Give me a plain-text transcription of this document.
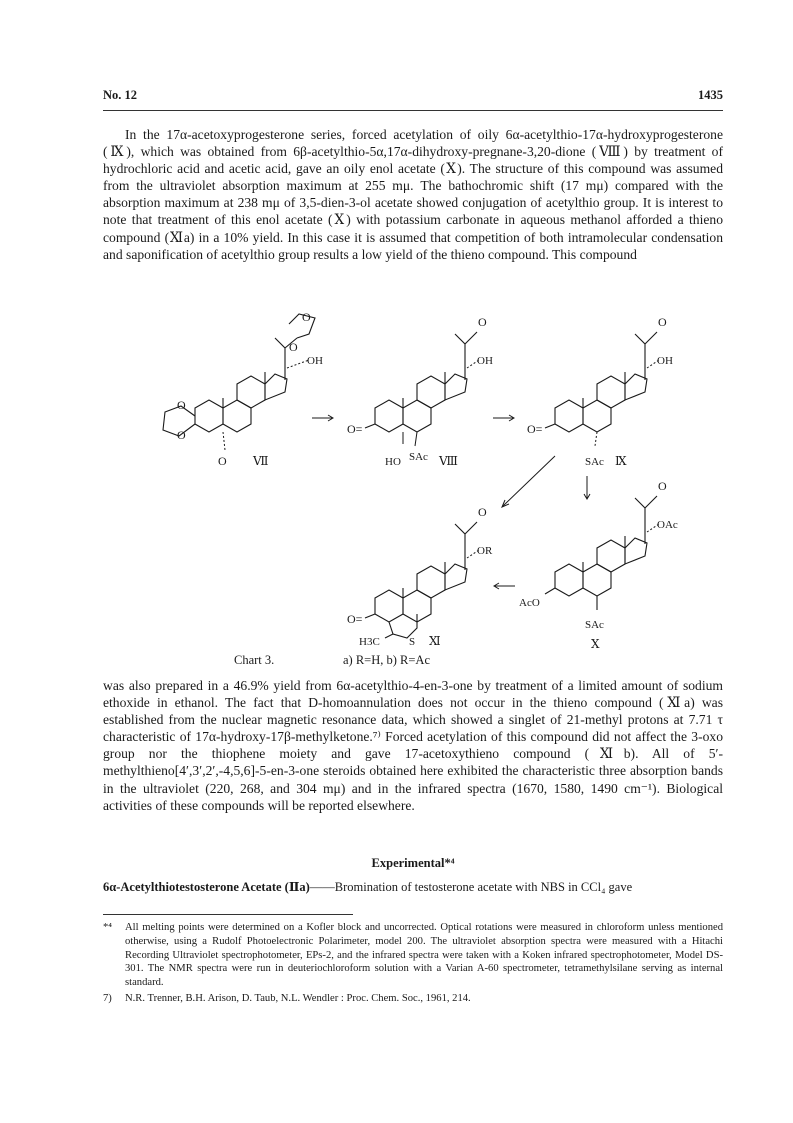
No. 12	1435

In the 17α-acetoxyprogesterone series, forced acetylation of oily 6α-acetylthio-17α-hydroxyprogesterone (Ⅸ), which was obtained from 6β-acetylthio-5α,17α-dihydroxy-pregnane-3,20-dione (Ⅷ) by treatment of hydrochloric acid and acetic acid, gave an oily enol acetate (Ⅹ). The structure of this compound was assumed from the ultraviolet absorption maximum at 255 mμ. The bathochromic shift (17 mμ) compared with the absorption maximum at 238 mμ of 3,5-dien-3-ol acetate showed conjugation of acetylthio group. It is interest to note that treatment of this enol acetate (Ⅹ) with potassium carbonate in aqueous methanol afforded a thieno compound (Ⅺa) in a 10% yield. In this case it is assumed that competition of both intramolecular condensation and saponification of acetylthio group results a low yield of the thieno compound. This compound

O
O
OH
O
O
O Ⅶ
O
OH
O=
HO SAc Ⅷ
O
OH
O=
SAc Ⅸ
O
OR
O=
H3C	S Ⅺ
O
OAc
AcO
SAc
Ⅹ
Chart 3.	a) R=H, b) R=Ac

was also prepared in a 46.9% yield from 6α-acetylthio-4-en-3-one by treatment of a limited amount of sodium ethoxide in ethanol. The fact that D-homoannulation does not occur in the thieno compound (Ⅺa) was established from the nuclear magnetic resonance data, which showed a singlet of 21-methyl protons at 7.71 τ characteristic of 17α-hydroxy-17β-methylketone.⁷⁾ Forced acetylation of this compound did not affect the 3-oxo group nor the thiophene moiety and gave 17-acetoxythieno compound (Ⅺb). All of 5′-methylthieno[4′,3′,2′,-4,5,6]-5-en-3-one steroids obtained here exhibited the characteristic three absorption bands in the ultraviolet (220, 268, and 304 mμ) and in the infrared spectra (1670, 1580, 1490 cm⁻¹). Biological activities of these compounds will be reported elsewhere.

Experimental*⁴
6α-Acetylthiotestosterone Acetate (Ⅱa)——Bromination of testosterone acetate with NBS in CCl₄ gave

*⁴ All melting points were determined on a Kofler block and uncorrected. Optical rotations were measured in chloroform unless mentioned otherwise, using a Rudolf Photoelectronic Polarimeter, model 200. The ultraviolet absorption spectra were measured with a Hitachi Recording Ultraviolet spectrophotometer, EPs-2, and the infrared spectra were taken with a Koken infrared spectrophotometer, Model DS-301. The NMR spectra were run in deuteriochloroform solution with a Varian A-60 spectrometer, tetramethylsilane serving as internal standard.

7) N.R. Trenner, B.H. Arison, D. Taub, N.L. Wendler : Proc. Chem. Soc., 1961, 214.
